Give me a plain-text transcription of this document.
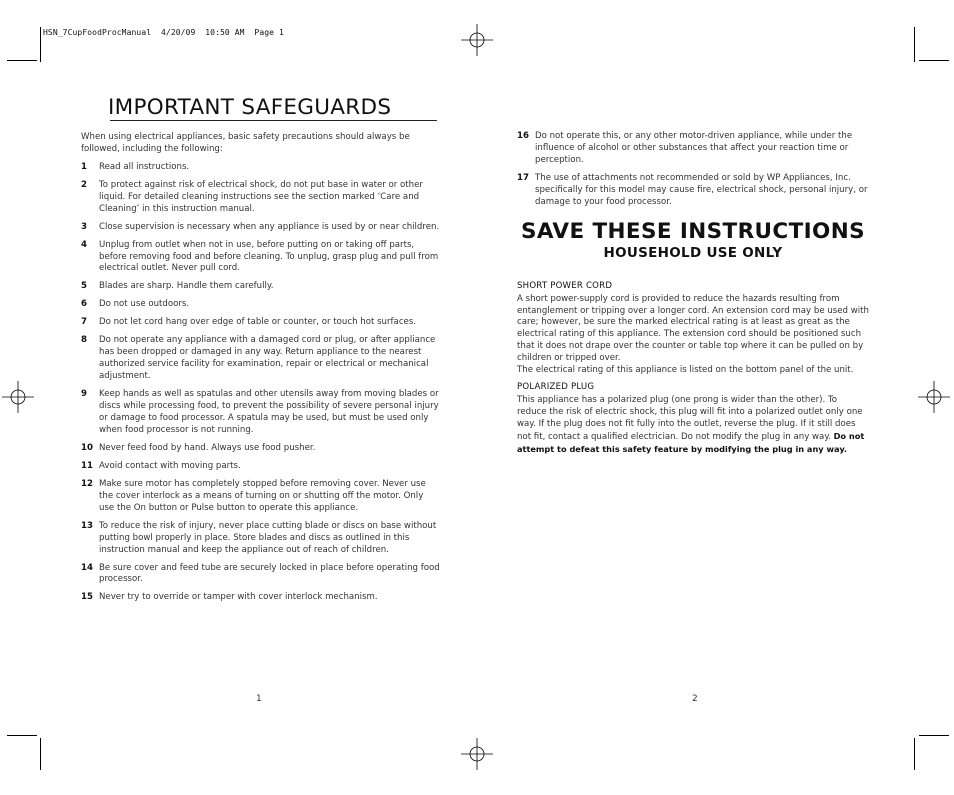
HSN_7CupFoodProcManual  4/20/09  10:50 AM  Page 1
IMPORTANT SAFEGUARDS
When using electrical appliances, basic safety precautions should always be followed, including the following:
1	Read all instructions.
2	To protect against risk of electrical shock, do not put base in water or other liquid. For detailed cleaning instructions see the section marked ‘Care and Cleaning’ in this instruction manual.
3	Close supervision is necessary when any appliance is used by or near children.
4	Unplug from outlet when not in use, before putting on or taking off parts, before removing food and before cleaning. To unplug, grasp plug and pull from electrical outlet. Never pull cord.
5	Blades are sharp. Handle them carefully.
6	Do not use outdoors.
7	Do not let cord hang over edge of table or counter, or touch hot surfaces.
8	Do not operate any appliance with a damaged cord or plug, or after appliance has been dropped or damaged in any way. Return appliance to the nearest authorized service facility for examination, repair or electrical or mechanical adjustment.
9	Keep hands as well as spatulas and other utensils away from moving blades or discs while processing food, to prevent the possibility of severe personal injury or damage to food processor. A spatula may be used, but must be used only when food processor is not running.
10 Never feed food by hand. Always use food pusher.
11 Avoid contact with moving parts.
12 Make sure motor has completely stopped before removing cover. Never use the cover interlock as a means of turning on or shutting off the motor. Only use the On button or Pulse button to operate this appliance.
13 To reduce the risk of injury, never place cutting blade or discs on base without putting bowl properly in place. Store blades and discs as outlined in this instruction manual and keep the appliance out of reach of children.
14 Be sure cover and feed tube are securely locked in place before operating food processor.
15 Never try to override or tamper with cover interlock mechanism.
1
16 Do not operate this, or any other motor-driven appliance, while under the influence of alcohol or other substances that affect your reaction time or perception.
17 The use of attachments not recommended or sold by WP Appliances, Inc. specifically for this model may cause fire, electrical shock, personal injury, or damage to your food processor.
SAVE THESE INSTRUCTIONS
HOUSEHOLD USE ONLY
SHORT POWER CORD
A short power-supply cord is provided to reduce the hazards resulting from entanglement or tripping over a longer cord. An extension cord may be used with care; however, be sure the marked electrical rating is at least as great as the electrical rating of this appliance. The extension cord should be positioned such that it does not drape over the counter or table top where it can be pulled on by children or tripped over.
The electrical rating of this appliance is listed on the bottom panel of the unit.
POLARIZED PLUG
This appliance has a polarized plug (one prong is wider than the other). To reduce the risk of electric shock, this plug will fit into a polarized outlet only one way. If the plug does not fit fully into the outlet, reverse the plug. If it still does not fit, contact a qualified electrician. Do not modify the plug in any way. Do not attempt to defeat this safety feature by modifying the plug in any way.
2
